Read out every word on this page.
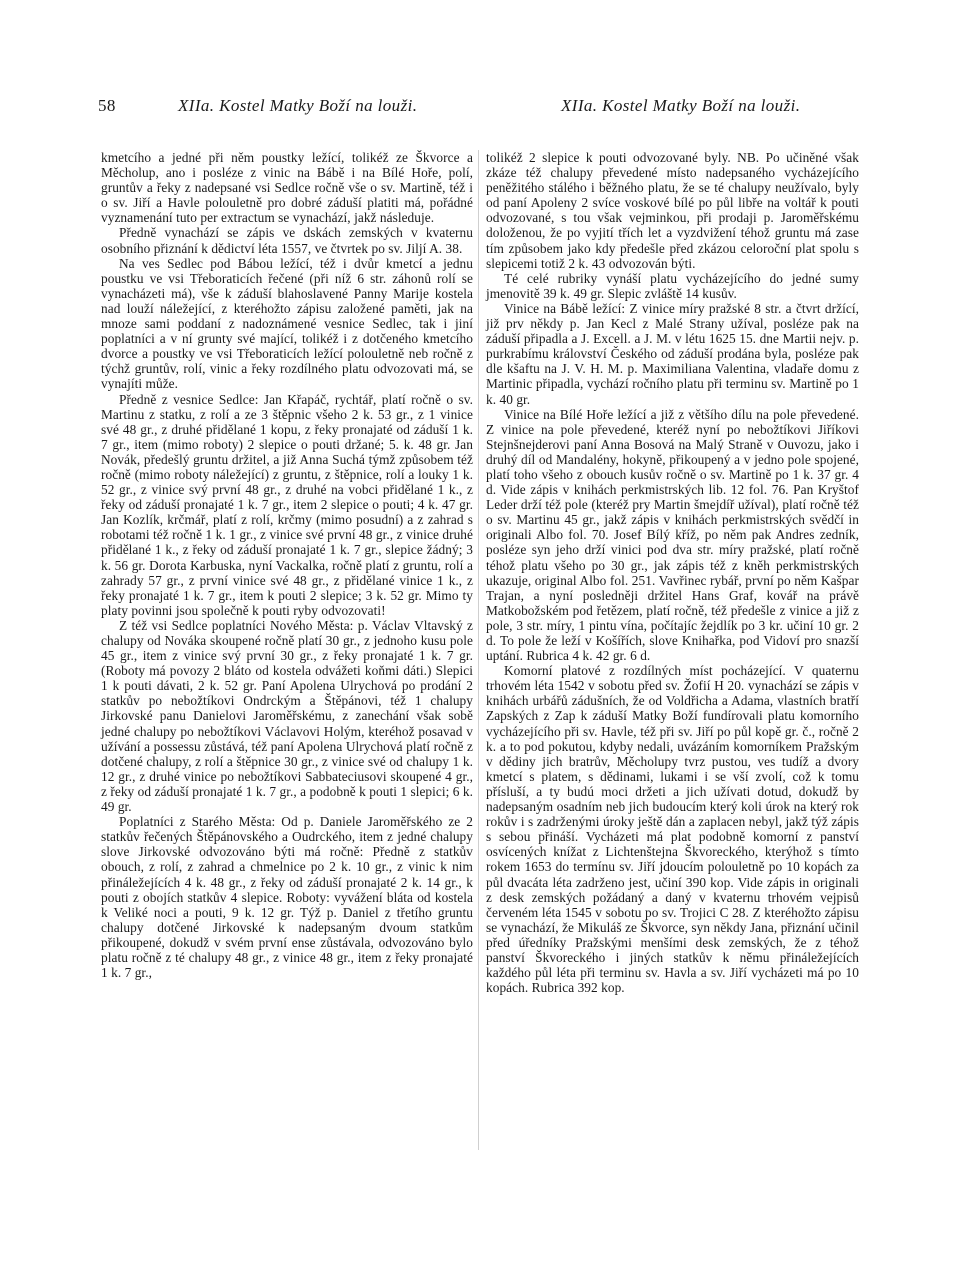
58	XIIa. Kostel Matky Boží na louži.	XIIa. Kostel Matky Boží na louži.

kmetcího a jedné při něm poustky ležící, tolikéž ze Škvorce a Měcholup, ano i posléze z vinic na Bábě i na Bílé Hoře, polí, gruntův a řeky z nadepsané vsi Sedlce ročně vše o sv. Martině, též i o sv. Jiří a Havle polouletně pro dobré záduší platiti má, pořádné vyznamenání tuto per extractum se vynachází, jakž následuje.

Předně vynachází se zápis ve dskách zemských v kvaternu osobního přiznání k dědictví léta 1557, ve čtvrtek po sv. Jiljí A. 38.

Na ves Sedlec pod Bábou ležící, též i dvůr kmetcí a jednu poustku ve vsi Třeboraticích řečené (při níž 6 str. záhonů rolí se vynacházeti má), vše k záduší blahoslavené Panny Marije kostela nad louží náležející, z kteréhožto zápisu založené paměti, jak na mnoze sami poddaní z nadoznámené vesnice Sedlec, tak i jiní poplatníci a v ní grunty své mající, tolikéž i z dotčeného kmetcího dvorce a poustky ve vsi Třeboraticích ležící polouletně neb ročně z týchž gruntův, rolí, vinic a řeky rozdílného platu odvozovati má, se vynajíti může.

Předně z vesnice Sedlce: Jan Křapáč, rychtář, platí ročně o sv. Martinu z statku, z rolí a ze 3 štěpnic všeho 2 k. 53 gr., z 1 vinice své 48 gr., z druhé přidělané 1 kopu, z řeky pronajaté od záduší 1 k. 7 gr., item (mimo roboty) 2 slepice o pouti držané; 5. k. 48 gr. Jan Novák, předešlý gruntu držitel, a již Anna Suchá týmž způsobem též ročně (mimo roboty náležející) z gruntu, z štěpnice, rolí a louky 1 k. 52 gr., z vinice svý první 48 gr., z druhé na vobci přidělané 1 k., z řeky od záduší pronajaté 1 k. 7 gr., item 2 slepice o pouti; 4 k. 47 gr. Jan Kozlík, krčmář, platí z rolí, krčmy (mimo posudní) a z zahrad s robotami též ročně 1 k. 1 gr., z vinice své první 48 gr., z vinice druhé přidělané 1 k., z řeky od záduší pronajaté 1 k. 7 gr., slepice žádný; 3 k. 56 gr. Dorota Karbuska, nyní Vackalka, ročně platí z gruntu, rolí a zahrady 57 gr., z první vinice své 48 gr., z přidělané vinice 1 k., z řeky pronajaté 1 k. 7 gr., item k pouti 2 slepice; 3 k. 52 gr. Mimo ty platy povinni jsou společně k pouti ryby odvozovati!

Z též vsi Sedlce poplatníci Nového Města: p. Václav Vltavský z chalupy od Nováka skoupené ročně platí 30 gr., z jednoho kusu pole 45 gr., item z vinice svý první 30 gr., z řeky pronajaté 1 k. 7 gr. (Roboty má povozy 2 bláto od kostela odvážeti koňmi dáti.) Slepici 1 k pouti dávati, 2 k. 52 gr. Paní Apolena Ulrychová po prodání 2 statkův po nebožtíkovi Ondrckým a Štěpánovi, též 1 chalupy Jirkovské panu Danielovi Jaroměřskému, z zanechání však sobě jedné chalupy po nebožtíkovi Václavovi Holým, kteréhož posavad v užívání a possessu zůstává, též paní Apolena Ulrychová platí ročně z dotčené chalupy, z rolí a štěpnice 30 gr., z vinice své od chalupy 1 k. 12 gr., z druhé vinice po nebožtíkovi Sabbateciusovi skoupené 4 gr., z řeky od záduší pronajaté 1 k. 7 gr., a podobně k pouti 1 slepici; 6 k. 49 gr.

Poplatníci z Starého Města: Od p. Daniele Jaroměřského ze 2 statkův řečených Štěpánovského a Oudrckého, item z jedné chalupy slove Jirkovské odvozováno býti má ročně: Předně z statkův obouch, z rolí, z zahrad a chmelnice po 2 k. 10 gr., z vinic k nim přináležejících 4 k. 48 gr., z řeky od záduší pronajaté 2 k. 14 gr., k pouti z obojích statkův 4 slepice. Roboty: vyvážení bláta od kostela k Veliké noci a pouti, 9 k. 12 gr. Týž p. Daniel z třetího gruntu chalupy dotčené Jirkovské k nadepsaným dvoum statkům přikoupené, dokudž v svém první ense zůstávala, odvozováno bylo platu ročně z té chalupy 48 gr., z vinice 48 gr., item z řeky pronajaté 1 k. 7 gr.,

tolikéž 2 slepice k pouti odvozované byly. NB. Po učiněné však zkáze též chalupy převedené místo nadepsaného vycházejícího peněžitého stálého i běžného platu, že se té chalupy neužívalo, byly od paní Apoleny 2 svíce voskové bílé po půl libře na voltář k pouti odvozované, s tou však vejminkou, při prodaji p. Jaroměřskému doloženou, že po vyjití třích let a vyzdvižení téhož gruntu má zase tím způsobem jako kdy předešle před zkázou celoroční plat spolu s slepicemi totiž 2 k. 43 odvozován býti.

Té celé rubriky vynáší platu vycházejícího do jedné sumy jmenovitě 39 k. 49 gr. Slepic zvláště 14 kusův.

Vinice na Bábě ležící: Z vinice míry pražské 8 str. a čtvrt držící, již prv někdy p. Jan Kecl z Malé Strany užíval, posléze pak na záduší připadla a J. Excell. a J. M. v létu 1625 15. dne Martii nejv. p. purkrabímu království Českého od záduší prodána byla, posléze pak dle kšaftu na J. V. H. M. p. Maximiliana Valentina, vladaře domu z Martinic připadla, vychází ročního platu při terminu sv. Martině po 1 k. 40 gr.

Vinice na Bílé Hoře ležící a již z většího dílu na pole převedené. Z vinice na pole převedené, kteréž nyní po nebožtíkovi Jiříkovi Stejnšnejderovi paní Anna Bosová na Malý Straně v Ouvozu, jako i druhý díl od Mandalény, hokyně, přikoupený a v jedno pole spojené, platí toho všeho z obouch kusův ročně o sv. Martině po 1 k. 37 gr. 4 d. Vide zápis v knihách perkmistrských lib. 12 fol. 76. Pan Kryštof Leder drží též pole (kteréž pry Martin šmejdíř užíval), platí ročně též o sv. Martinu 45 gr., jakž zápis v knihách perkmistrských svědčí in originali Albo fol. 70. Josef Bílý kříž, po něm pak Andres zedník, posléze syn jeho drží vinici pod dva str. míry pražské, platí ročně téhož platu všeho po 30 gr., jak zápis též z kněh perkmistrských ukazuje, original Albo fol. 251. Vavřinec rybář, první po něm Kašpar Trajan, a nyní posledněji držitel Hans Graf, kovář na právě Matkobožském pod řetězem, platí ročně, též předešle z vinice a již z pole, 3 str. míry, 1 pintu vína, počítajíc žejdlík po 3 kr. učiní 10 gr. 2 d. To pole že leží v Košířích, slove Knihařka, pod Vidoví pro snazší uptání. Rubrica 4 k. 42 gr. 6 d.

Komorní platové z rozdílných míst pocházející. V quaternu trhovém léta 1542 v sobotu před sv. Žofií H 20. vynachází se zápis v knihách urbářů zádušních, že od Voldřicha a Adama, vlastních bratří Zapských z Zap k záduší Matky Boží fundírovali platu komorního vycházejícího při sv. Havle, též při sv. Jiří po půl kopě gr. č., ročně 2 k. a to pod pokutou, kdyby nedali, uvázáním komorníkem Pražským v dědiny jich bratrův, Měcholupy tvrz pustou, ves tudíž a dvory kmetcí s platem, s dědinami, lukami i se vší zvolí, což k tomu přísluší, a ty budú moci držeti a jich užívati dotud, dokudž by nadepsaným osadním neb jich budoucím který koli úrok na který rok rokův i s zadrženými úroky ještě dán a zaplacen nebyl, jakž týž zápis s sebou přináší. Vycházeti má plat podobně komorní z panství osvícených knížat z Lichtenštejna Škvoreckého, kterýhož s tímto rokem 1653 do termínu sv. Jiří jdoucím polouletně po 10 kopách za půl dvacáta léta zadrženo jest, učiní 390 kop. Vide zápis in originali z desk zemských požádaný a daný v kvaternu trhovém vejpisů červeném léta 1545 v sobotu po sv. Trojici C 28. Z kteréhožto zápisu se vynachází, že Mikuláš ze Škvorce, syn někdy Jana, přiznání učinil před úředníky Pražskými menšími desk zemských, že z téhož panství Škvoreckého i jiných statkův k němu přináležejících každého půl léta při terminu sv. Havla a sv. Jiří vycházeti má po 10 kopách. Rubrica 392 kop.
